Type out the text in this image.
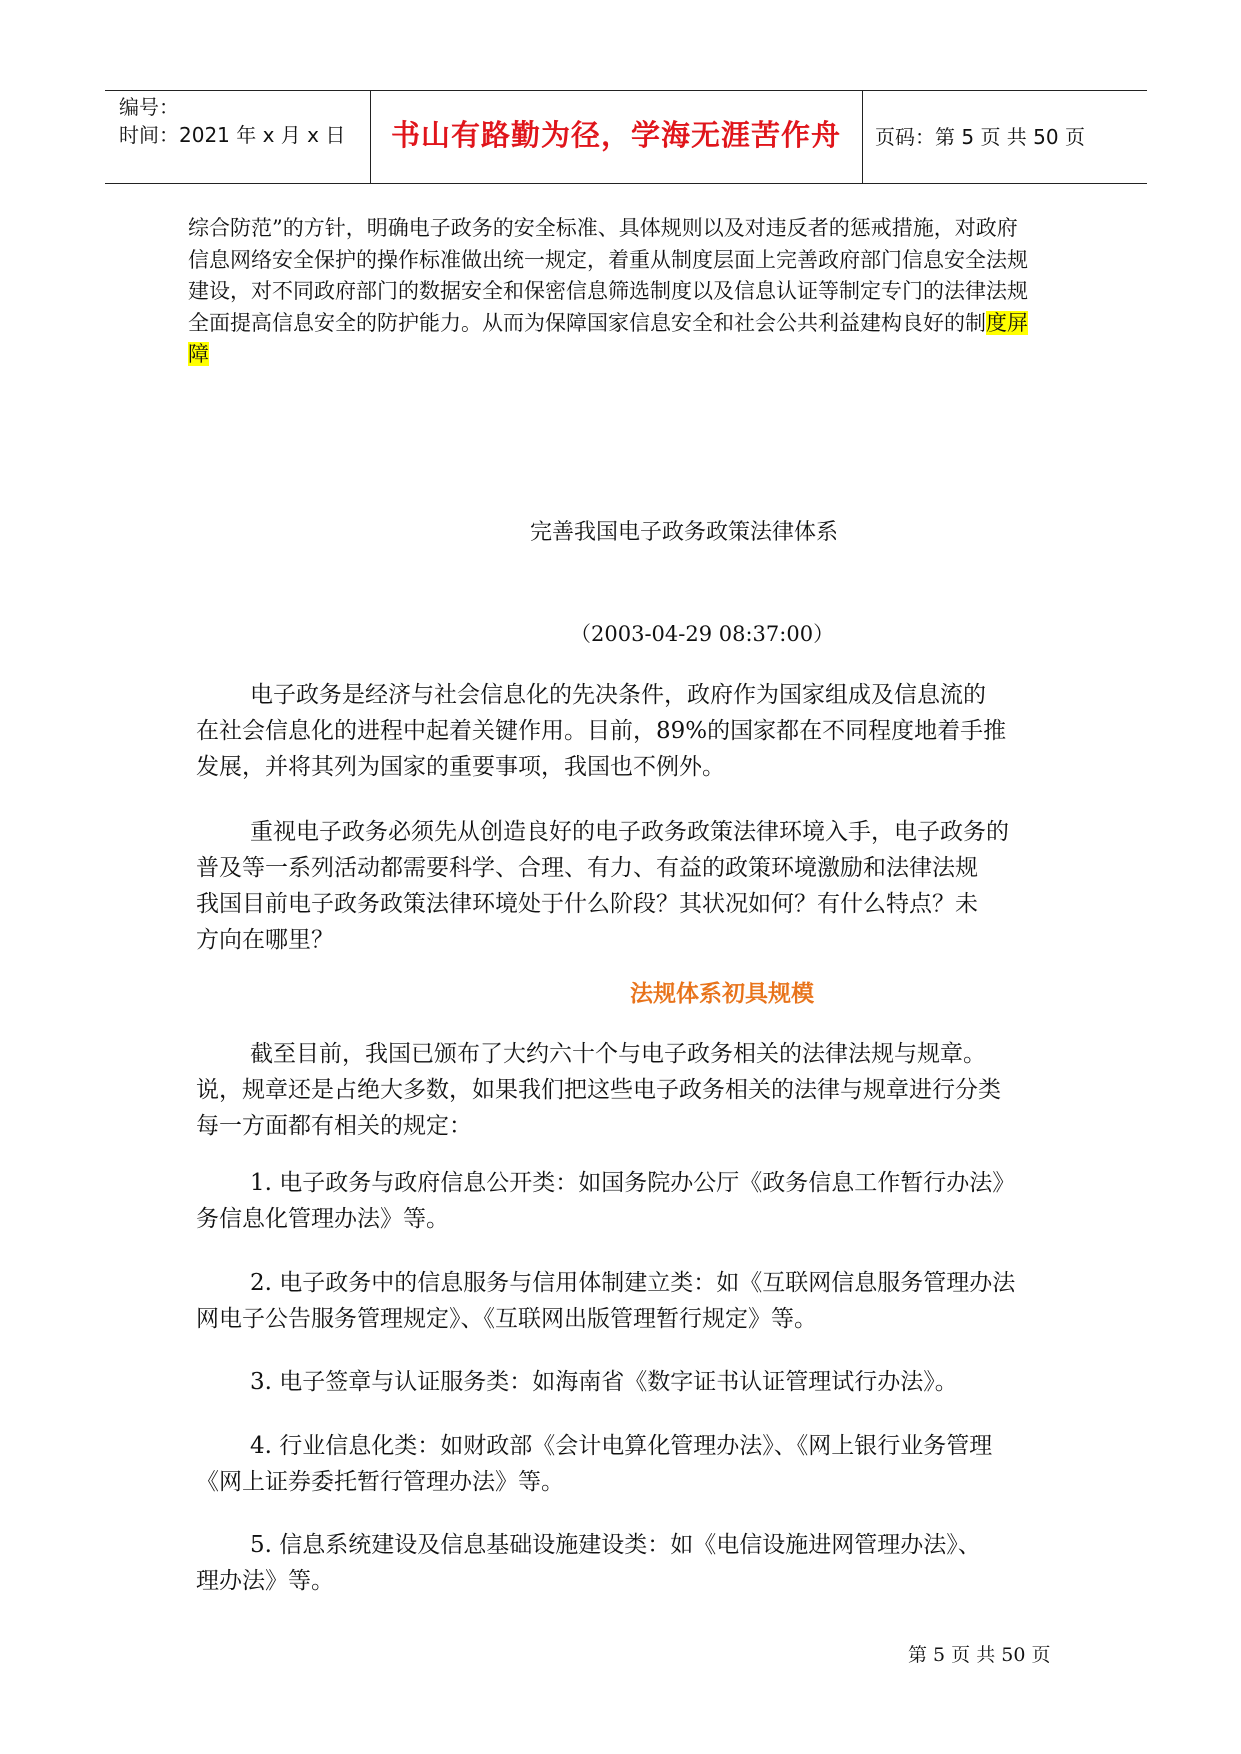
编号：
时间：2021 年 x 月 x 日	书山有路勤为径，学海无涯苦作舟	页码：第 5 页 共 50 页
综合防范”的方针，明确电子政务的安全标准、具体规则以及对违反者的惩戒措施，对政府
信息网络安全保护的操作标准做出统一规定，着重从制度层面上完善政府部门信息安全法规
建设，对不同政府部门的数据安全和保密信息筛选制度以及信息认证等制定专门的法律法规
全面提高信息安全的防护能力。从而为保障国家信息安全和社会公共利益建构良好的制度屏
障
完善我国电子政务政策法律体系
（2003-04-29 08:37:00）
电子政务是经济与社会信息化的先决条件，政府作为国家组成及信息流的
在社会信息化的进程中起着关键作用。目前，89%的国家都在不同程度地着手推
发展，并将其列为国家的重要事项，我国也不例外。
重视电子政务必须先从创造良好的电子政务政策法律环境入手，电子政务的
普及等一系列活动都需要科学、合理、有力、有益的政策环境激励和法律法规
我国目前电子政务政策法律环境处于什么阶段？其状况如何？有什么特点？未
方向在哪里？
法规体系初具规模
截至目前，我国已颁布了大约六十个与电子政务相关的法律法规与规章。
说，规章还是占绝大多数，如果我们把这些电子政务相关的法律与规章进行分类
每一方面都有相关的规定：
1. 电子政务与政府信息公开类：如国务院办公厅《政务信息工作暂行办法》
务信息化管理办法》等。
2. 电子政务中的信息服务与信用体制建立类：如《互联网信息服务管理办法
网电子公告服务管理规定》、《互联网出版管理暂行规定》等。
3. 电子签章与认证服务类：如海南省《数字证书认证管理试行办法》。
4. 行业信息化类：如财政部《会计电算化管理办法》、《网上银行业务管理
《网上证券委托暂行管理办法》等。
5. 信息系统建设及信息基础设施建设类：如《电信设施进网管理办法》、
理办法》等。
第 5 页 共 50 页
